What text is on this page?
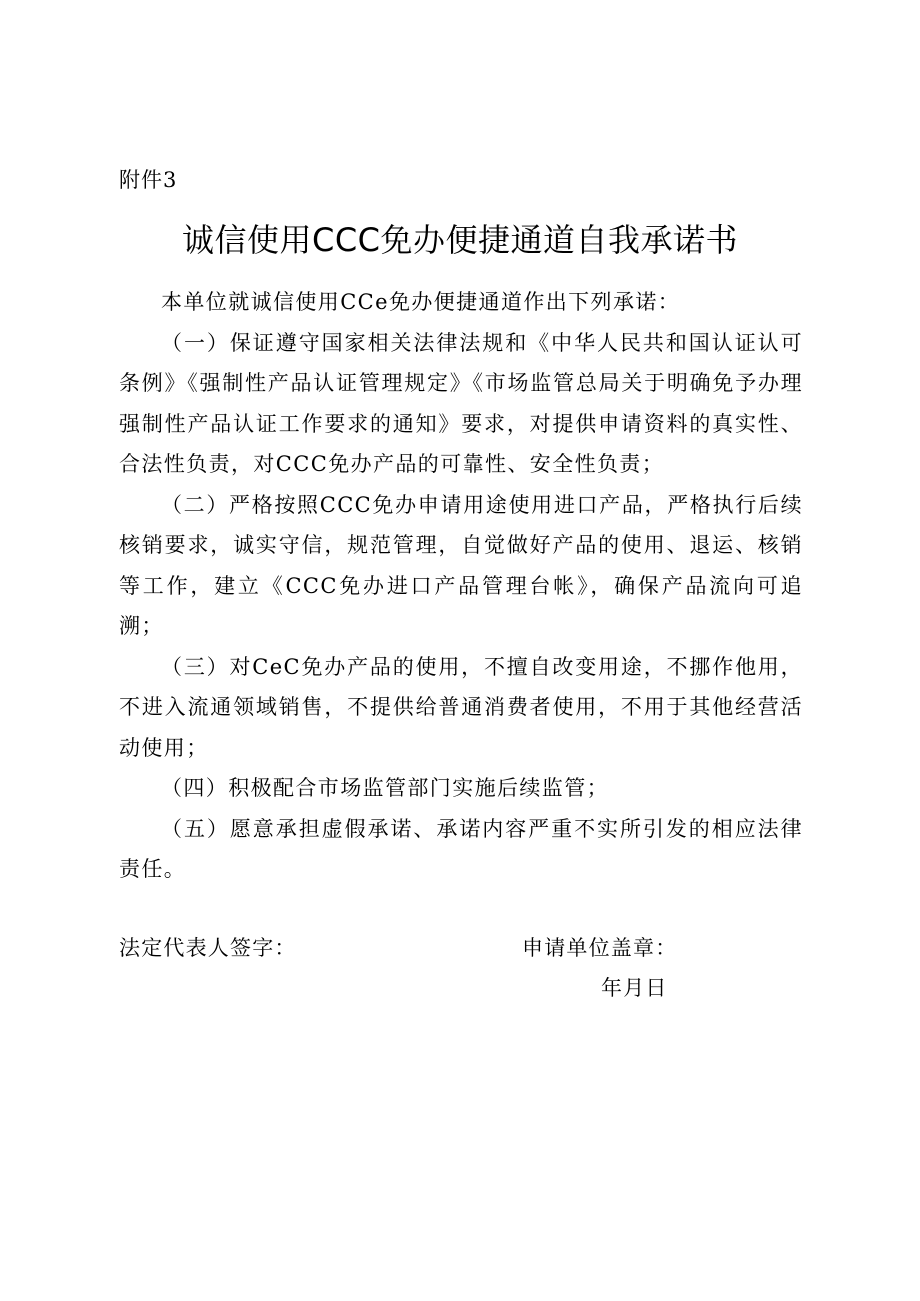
附件3
诚信使用CCC免办便捷通道自我承诺书

本单位就诚信使用CCe免办便捷通道作出下列承诺：

（一）保证遵守国家相关法律法规和《中华人民共和国认证认可条例》《强制性产品认证管理规定》《市场监管总局关于明确免予办理强制性产品认证工作要求的通知》要求，对提供申请资料的真实性、合法性负责，对CCC免办产品的可靠性、安全性负责；

（二）严格按照CCC免办申请用途使用进口产品，严格执行后续核销要求，诚实守信，规范管理，自觉做好产品的使用、退运、核销等工作，建立《CCC免办进口产品管理台帐》，确保产品流向可追溯；

（三）对CeC免办产品的使用，不擅自改变用途，不挪作他用，不进入流通领域销售，不提供给普通消费者使用，不用于其他经营活动使用；

（四）积极配合市场监管部门实施后续监管；

（五）愿意承担虚假承诺、承诺内容严重不实所引发的相应法律责任。

法定代表人签字：	申请单位盖章：
年月日
